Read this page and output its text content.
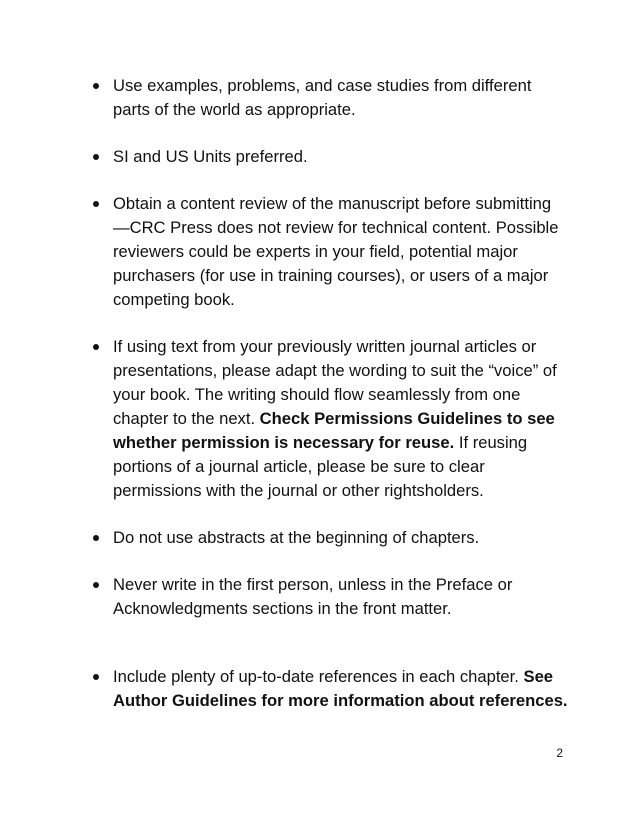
Use examples, problems, and case studies from different parts of the world as appropriate.
SI and US Units preferred.
Obtain a content review of the manuscript before submitting —CRC Press does not review for technical content. Possible reviewers could be experts in your field, potential major purchasers (for use in training courses), or users of a major competing book.
If using text from your previously written journal articles or presentations, please adapt the wording to suit the “voice” of your book. The writing should flow seamlessly from one chapter to the next. Check Permissions Guidelines to see whether permission is necessary for reuse. If reusing portions of a journal article, please be sure to clear permissions with the journal or other rightsholders.
Do not use abstracts at the beginning of chapters.
Never write in the first person, unless in the Preface or Acknowledgments sections in the front matter.
Include plenty of up-to-date references in each chapter. See Author Guidelines for more information about references.
2
